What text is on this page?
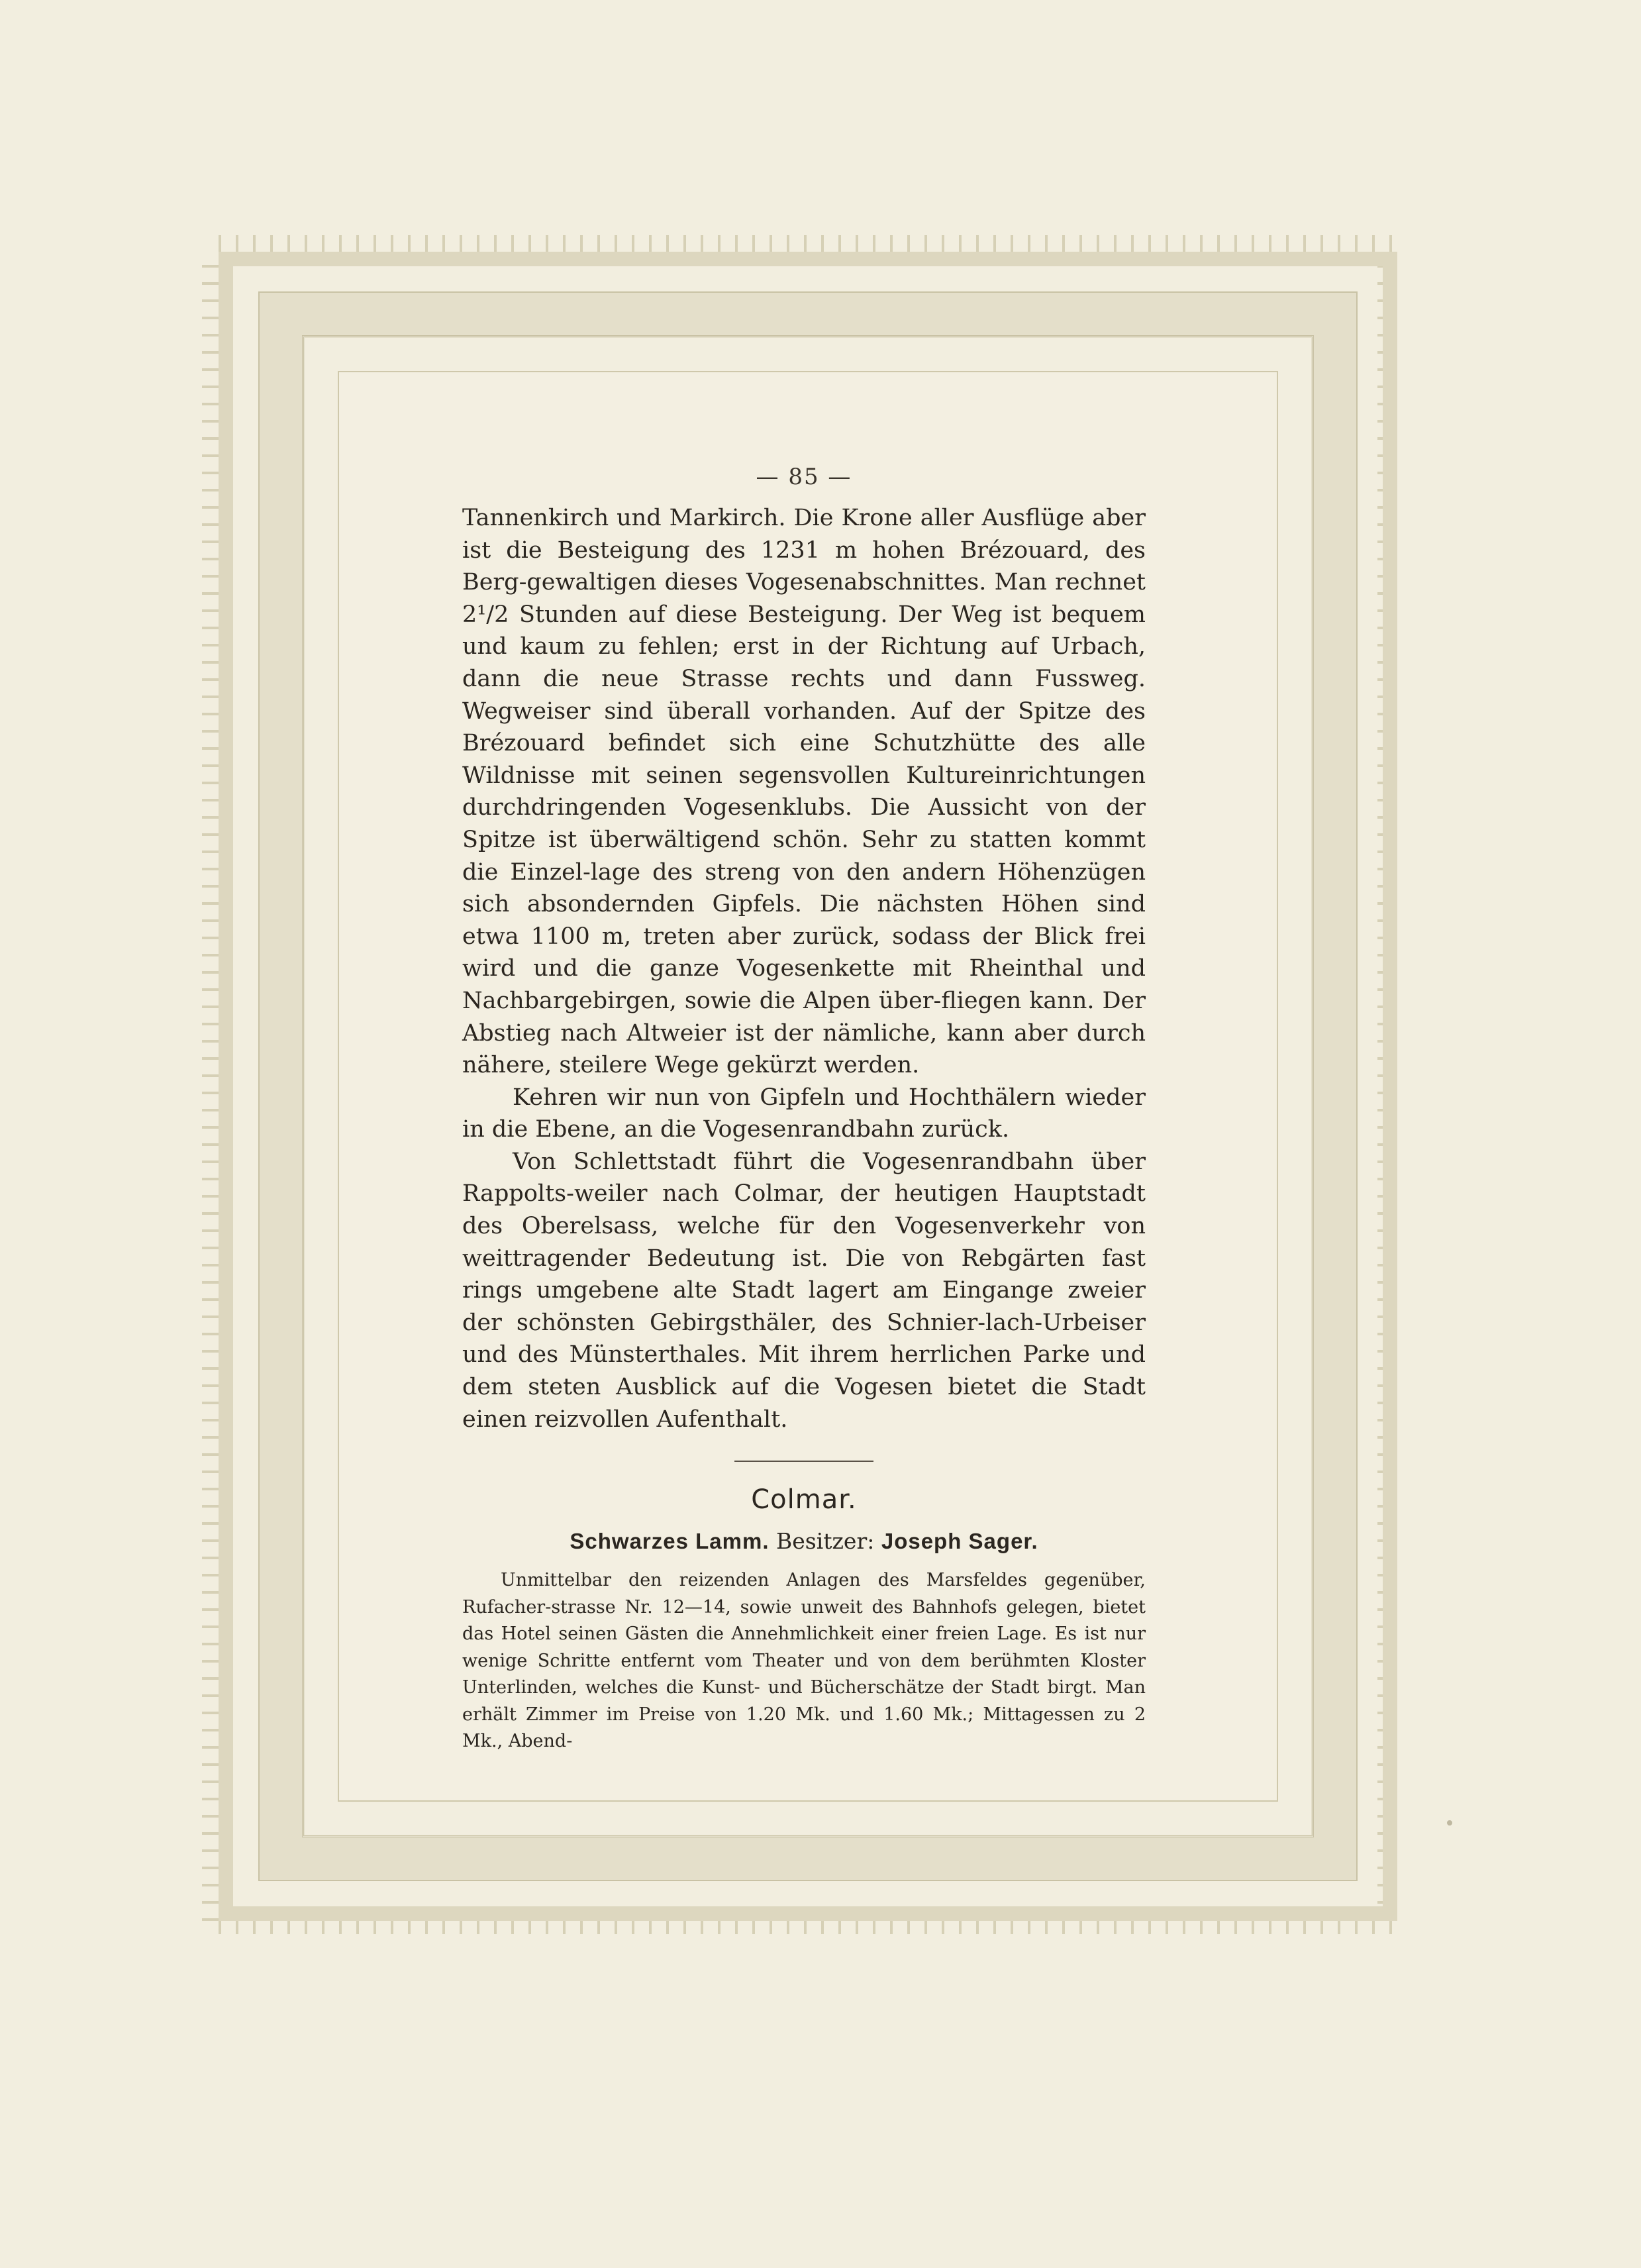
— 85 —

Tannenkirch und Markirch. Die Krone aller Ausflüge aber ist die Besteigung des 1231 m hohen Brézouard, des Berg-gewaltigen dieses Vogesenabschnittes. Man rechnet 2¹/2 Stunden auf diese Besteigung. Der Weg ist bequem und kaum zu fehlen; erst in der Richtung auf Urbach, dann die neue Strasse rechts und dann Fussweg. Wegweiser sind überall vorhanden. Auf der Spitze des Brézouard befindet sich eine Schutzhütte des alle Wildnisse mit seinen segensvollen Kultureinrichtungen durchdringenden Vogesenklubs. Die Aussicht von der Spitze ist überwältigend schön. Sehr zu statten kommt die Einzel-lage des streng von den andern Höhenzügen sich absondernden Gipfels. Die nächsten Höhen sind etwa 1100 m, treten aber zurück, sodass der Blick frei wird und die ganze Vogesenkette mit Rheinthal und Nachbargebirgen, sowie die Alpen über-fliegen kann. Der Abstieg nach Altweier ist der nämliche, kann aber durch nähere, steilere Wege gekürzt werden.

Kehren wir nun von Gipfeln und Hochthälern wieder in die Ebene, an die Vogesenrandbahn zurück.

Von Schlettstadt führt die Vogesenrandbahn über Rappolts-weiler nach Colmar, der heutigen Hauptstadt des Oberelsass, welche für den Vogesenverkehr von weittragender Bedeutung ist. Die von Rebgärten fast rings umgebene alte Stadt lagert am Eingange zweier der schönsten Gebirgsthäler, des Schnier-lach-Urbeiser und des Münsterthales. Mit ihrem herrlichen Parke und dem steten Ausblick auf die Vogesen bietet die Stadt einen reizvollen Aufenthalt.

Colmar.
Schwarzes Lamm. Besitzer: Joseph Sager.

Unmittelbar den reizenden Anlagen des Marsfeldes gegenüber, Rufacher-strasse Nr. 12—14, sowie unweit des Bahnhofs gelegen, bietet das Hotel seinen Gästen die Annehmlichkeit einer freien Lage. Es ist nur wenige Schritte entfernt vom Theater und von dem berühmten Kloster Unterlinden, welches die Kunst- und Bücherschätze der Stadt birgt. Man erhält Zimmer im Preise von 1.20 Mk. und 1.60 Mk.; Mittagessen zu 2 Mk., Abend-
